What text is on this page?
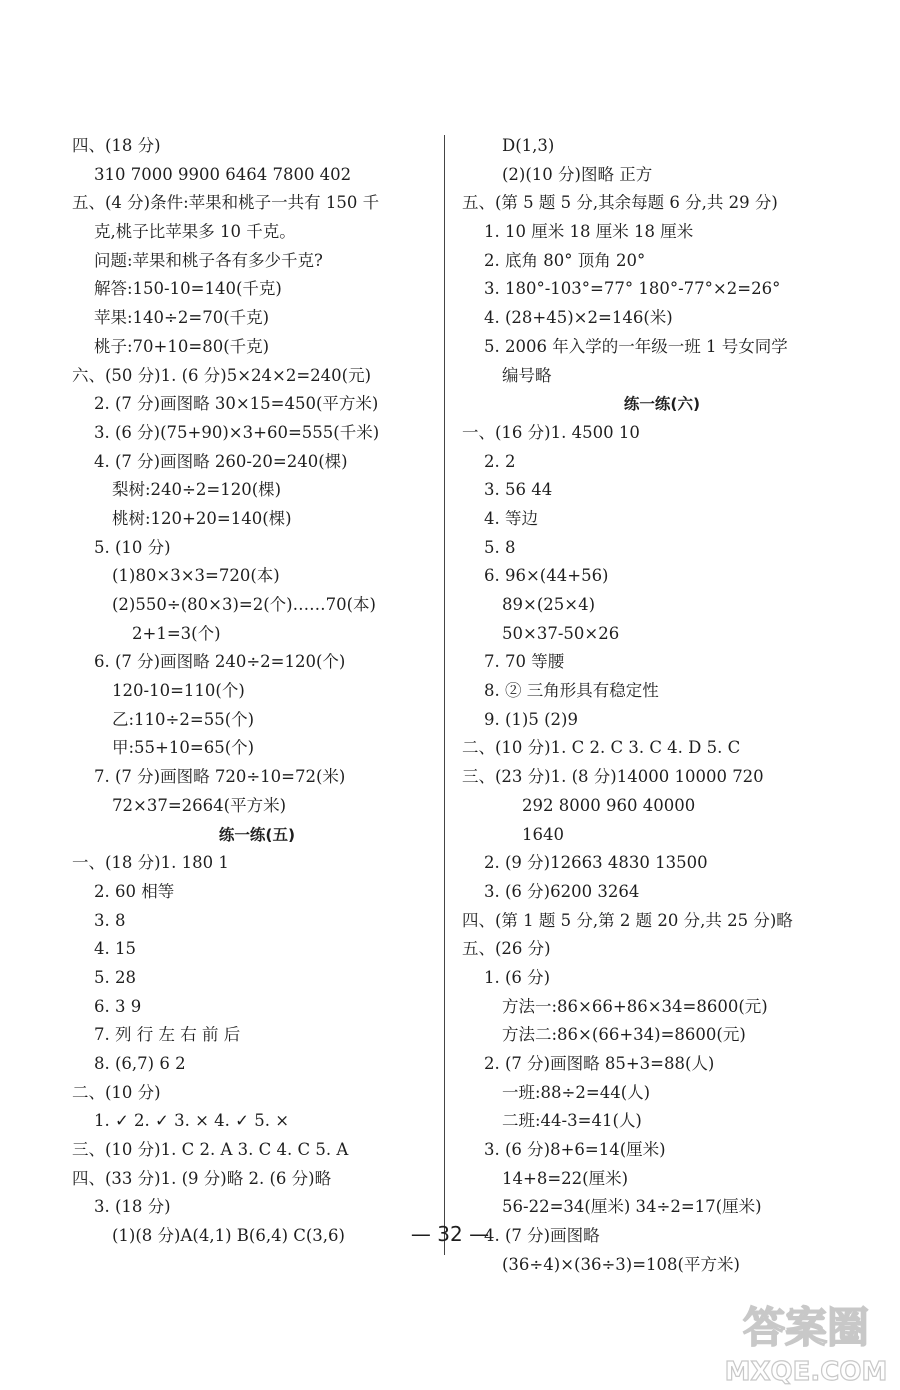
四、(18 分)
310 7000 9900 6464 7800 402
五、(4 分)条件:苹果和桃子一共有 150 千
克,桃子比苹果多 10 千克。
问题:苹果和桃子各有多少千克?
解答:150-10=140(千克)
苹果:140÷2=70(千克)
桃子:70+10=80(千克)
六、(50 分)1. (6 分)5×24×2=240(元)
2. (7 分)画图略 30×15=450(平方米)
3. (6 分)(75+90)×3+60=555(千米)
4. (7 分)画图略 260-20=240(棵)
梨树:240÷2=120(棵)
桃树:120+20=140(棵)
5. (10 分)
(1)80×3×3=720(本)
(2)550÷(80×3)=2(个)……70(本)
2+1=3(个)
6. (7 分)画图略 240÷2=120(个)
120-10=110(个)
乙:110÷2=55(个)
甲:55+10=65(个)
7. (7 分)画图略 720÷10=72(米)
72×37=2664(平方米)
练一练(五)
一、(18 分)1. 180 1
2. 60 相等
3. 8
4. 15
5. 28
6. 3 9
7. 列 行 左 右 前 后
8. (6,7) 6 2
二、(10 分)
1. ✓ 2. ✓ 3. × 4. ✓ 5. ×
三、(10 分)1. C 2. A 3. C 4. C 5. A
四、(33 分)1. (9 分)略 2. (6 分)略
3. (18 分)
(1)(8 分)A(4,1) B(6,4) C(3,6)
D(1,3)
(2)(10 分)图略 正方
五、(第 5 题 5 分,其余每题 6 分,共 29 分)
1. 10 厘米 18 厘米 18 厘米
2. 底角 80° 顶角 20°
3. 180°-103°=77° 180°-77°×2=26°
4. (28+45)×2=146(米)
5. 2006 年入学的一年级一班 1 号女同学
编号略
练一练(六)
一、(16 分)1. 4500 10
2. 2
3. 56 44
4. 等边
5. 8
6. 96×(44+56)
89×(25×4)
50×37-50×26
7. 70 等腰
8. ② 三角形具有稳定性
9. (1)5 (2)9
二、(10 分)1. C 2. C 3. C 4. D 5. C
三、(23 分)1. (8 分)14000 10000 720
292 8000 960 40000
1640
2. (9 分)12663 4830 13500
3. (6 分)6200 3264
四、(第 1 题 5 分,第 2 题 20 分,共 25 分)略
五、(26 分)
1. (6 分)
方法一:86×66+86×34=8600(元)
方法二:86×(66+34)=8600(元)
2. (7 分)画图略 85+3=88(人)
一班:88÷2=44(人)
二班:44-3=41(人)
3. (6 分)8+6=14(厘米)
14+8=22(厘米)
56-22=34(厘米) 34÷2=17(厘米)
4. (7 分)画图略
(36÷4)×(36÷3)=108(平方米)
— 32 —
答案圈
MXQE.COM
